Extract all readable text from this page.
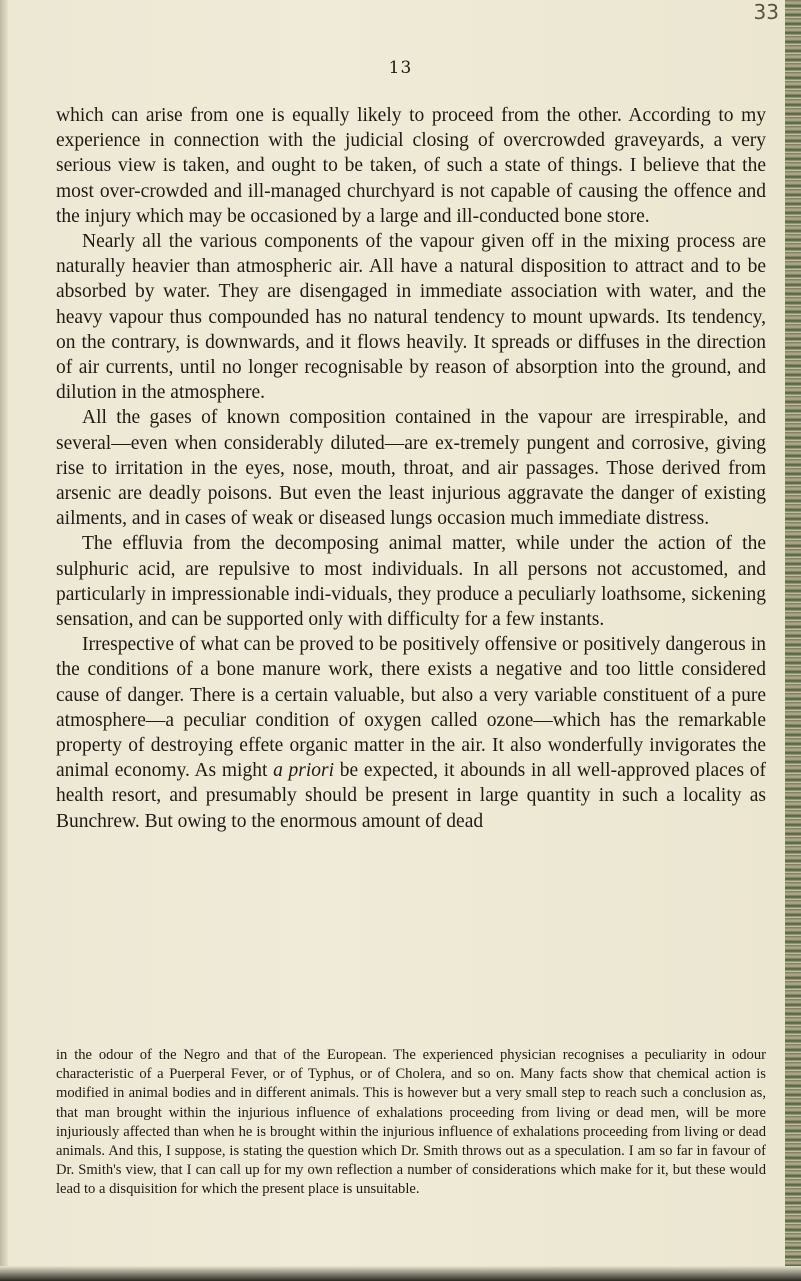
33
13

which can arise from one is equally likely to proceed from the other. According to my experience in connection with the judicial closing of overcrowded graveyards, a very serious view is taken, and ought to be taken, of such a state of things. I believe that the most over-crowded and ill-managed churchyard is not capable of causing the offence and the injury which may be occasioned by a large and ill-conducted bone store.

Nearly all the various components of the vapour given off in the mixing process are naturally heavier than atmospheric air. All have a natural disposition to attract and to be absorbed by water. They are disengaged in immediate association with water, and the heavy vapour thus compounded has no natural tendency to mount upwards. Its tendency, on the contrary, is downwards, and it flows heavily. It spreads or diffuses in the direction of air currents, until no longer recognisable by reason of absorption into the ground, and dilution in the atmosphere.

All the gases of known composition contained in the vapour are irrespirable, and several—even when considerably diluted—are ex-tremely pungent and corrosive, giving rise to irritation in the eyes, nose, mouth, throat, and air passages. Those derived from arsenic are deadly poisons. But even the least injurious aggravate the danger of existing ailments, and in cases of weak or diseased lungs occasion much immediate distress.

The effluvia from the decomposing animal matter, while under the action of the sulphuric acid, are repulsive to most individuals. In all persons not accustomed, and particularly in impressionable indi-viduals, they produce a peculiarly loathsome, sickening sensation, and can be supported only with difficulty for a few instants.

Irrespective of what can be proved to be positively offensive or positively dangerous in the conditions of a bone manure work, there exists a negative and too little considered cause of danger. There is a certain valuable, but also a very variable constituent of a pure atmosphere—a peculiar condition of oxygen called ozone—which has the remarkable property of destroying effete organic matter in the air. It also wonderfully invigorates the animal economy. As might a priori be expected, it abounds in all well-approved places of health resort, and presumably should be present in large quantity in such a locality as Bunchrew. But owing to the enormous amount of dead

in the odour of the Negro and that of the European. The experienced physician recognises a peculiarity in odour characteristic of a Puerperal Fever, or of Typhus, or of Cholera, and so on. Many facts show that chemical action is modified in animal bodies and in different animals. This is however but a very small step to reach such a conclusion as, that man brought within the injurious influence of exhalations proceeding from living or dead men, will be more injuriously affected than when he is brought within the injurious influence of exhalations proceeding from living or dead animals. And this, I suppose, is stating the question which Dr. Smith throws out as a speculation. I am so far in favour of Dr. Smith's view, that I can call up for my own reflection a number of considerations which make for it, but these would lead to a disquisition for which the present place is unsuitable.
